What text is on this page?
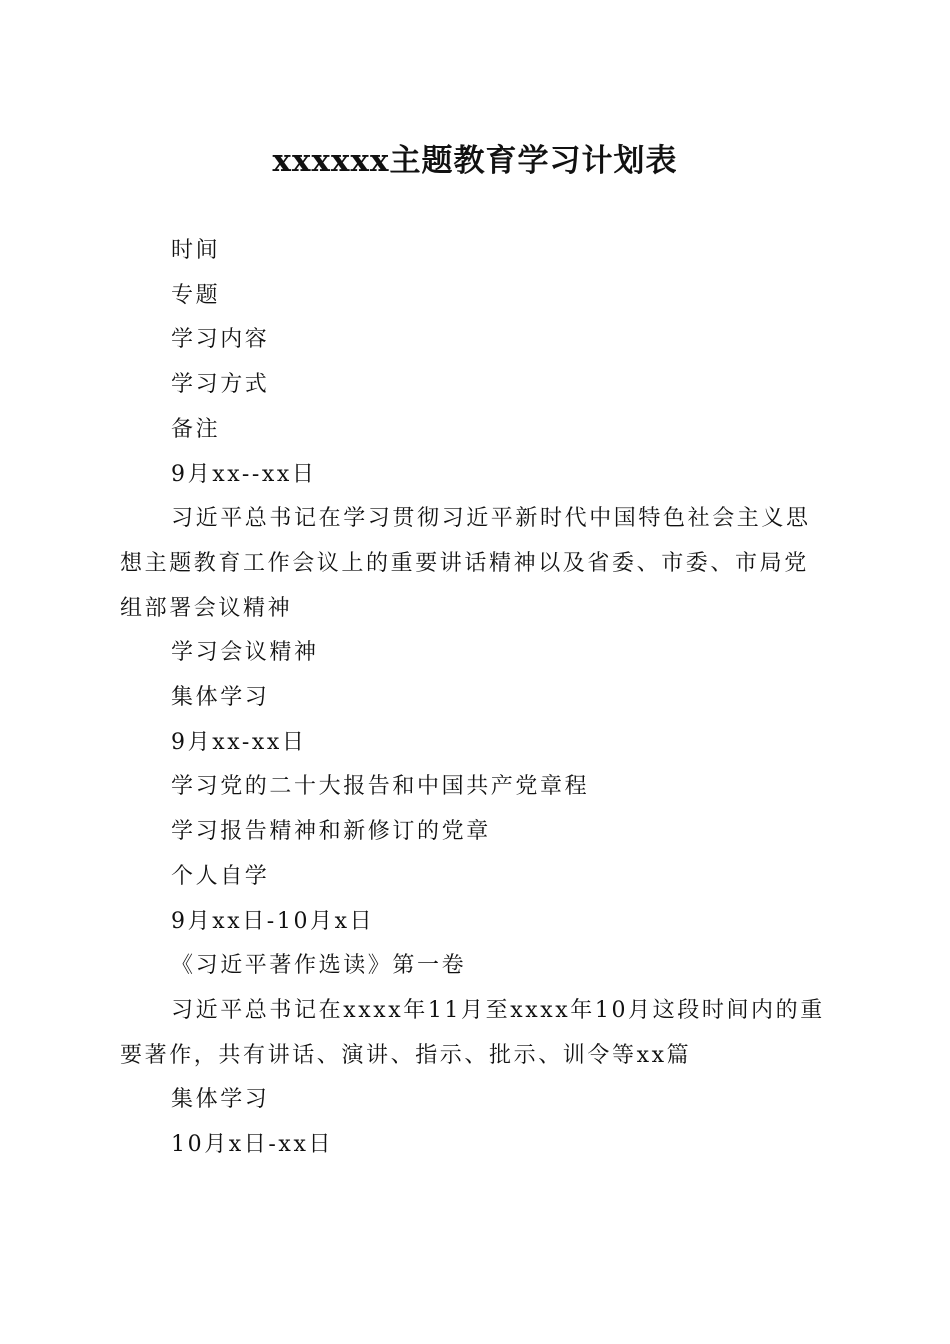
xxxxxx主题教育学习计划表

时间

专题

学习内容

学习方式

备注

9月xx--xx日

习近平总书记在学习贯彻习近平新时代中国特色社会主义思想主题教育工作会议上的重要讲话精神以及省委、市委、市局党组部署会议精神

学习会议精神

集体学习

9月xx-xx日

学习党的二十大报告和中国共产党章程

学习报告精神和新修订的党章

个人自学

9月xx日-10月x日

《习近平著作选读》第一卷

习近平总书记在xxxx年11月至xxxx年10月这段时间内的重要著作，共有讲话、演讲、指示、批示、训令等xx篇

集体学习

10月x日-xx日
